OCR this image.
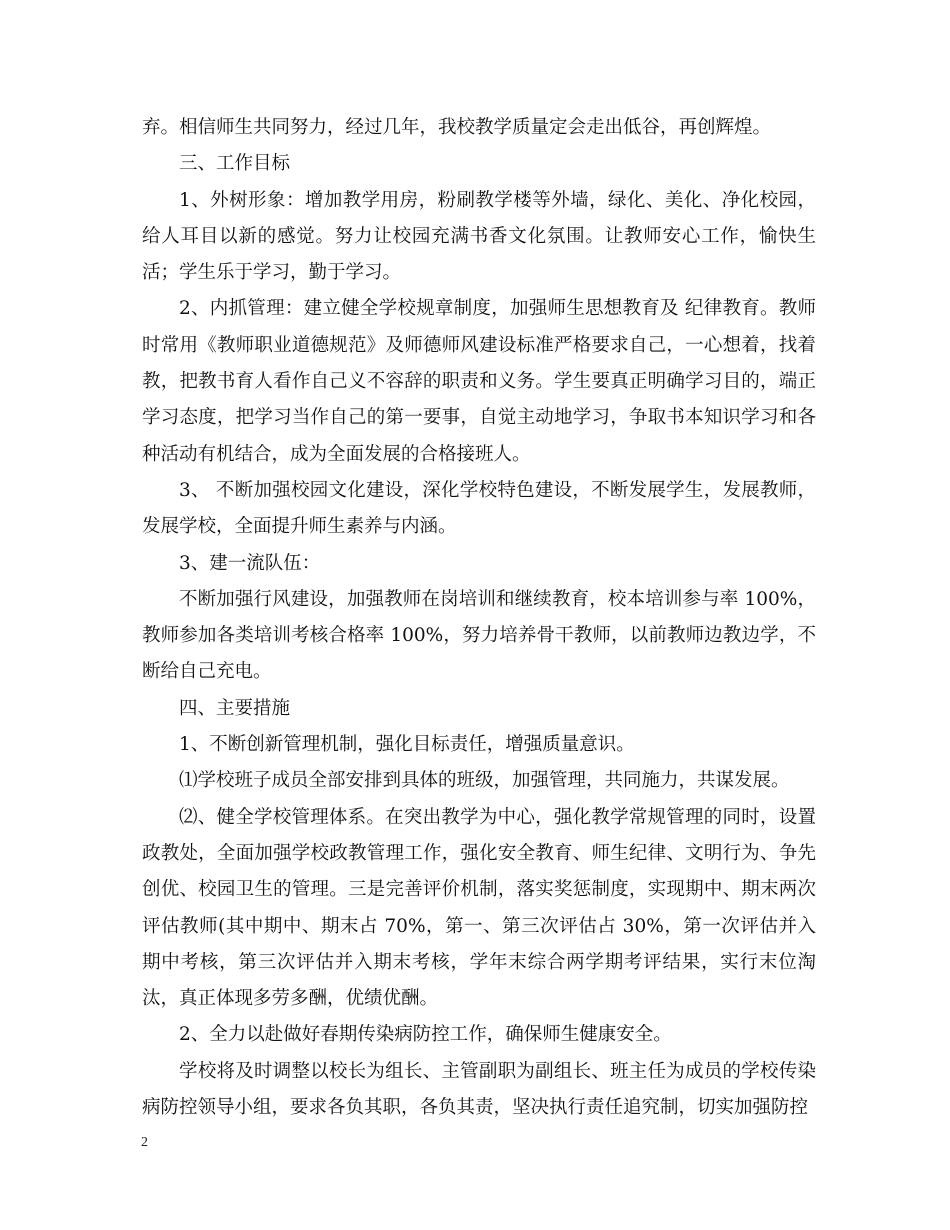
弃。相信师生共同努力，经过几年，我校教学质量定会走出低谷，再创辉煌。

三、工作目标

1、外树形象：增加教学用房，粉刷教学楼等外墙，绿化、美化、净化校园，给人耳目以新的感觉。努力让校园充满书香文化氛围。让教师安心工作，愉快生活；学生乐于学习，勤于学习。

2、内抓管理：建立健全学校规章制度，加强师生思想教育及 纪律教育。教师时常用《教师职业道德规范》及师德师风建设标准严格要求自己，一心想着，找着教，把教书育人看作自己义不容辞的职责和义务。学生要真正明确学习目的，端正学习态度，把学习当作自己的第一要事，自觉主动地学习，争取书本知识学习和各种活动有机结合，成为全面发展的合格接班人。

3、 不断加强校园文化建设，深化学校特色建设，不断发展学生，发展教师，发展学校，全面提升师生素养与内涵。

3、建一流队伍：

不断加强行风建设，加强教师在岗培训和继续教育，校本培训参与率 100%，教师参加各类培训考核合格率 100%，努力培养骨干教师，以前教师边教边学，不断给自己充电。

四、主要措施

1、不断创新管理机制，强化目标责任，增强质量意识。

⑴学校班子成员全部安排到具体的班级，加强管理，共同施力，共谋发展。

⑵、健全学校管理体系。在突出教学为中心，强化教学常规管理的同时，设置政教处，全面加强学校政教管理工作，强化安全教育、师生纪律、文明行为、争先创优、校园卫生的管理。三是完善评价机制，落实奖惩制度，实现期中、期末两次评估教师(其中期中、期末占 70%，第一、第三次评估占 30%，第一次评估并入期中考核，第三次评估并入期末考核，学年末综合两学期考评结果，实行末位淘汰，真正体现多劳多酬，优绩优酬。

2、全力以赴做好春期传染病防控工作，确保师生健康安全。

学校将及时调整以校长为组长、主管副职为副组长、班主任为成员的学校传染病防控领导小组，要求各负其职，各负其责，坚决执行责任追究制，切实加强防控

2
